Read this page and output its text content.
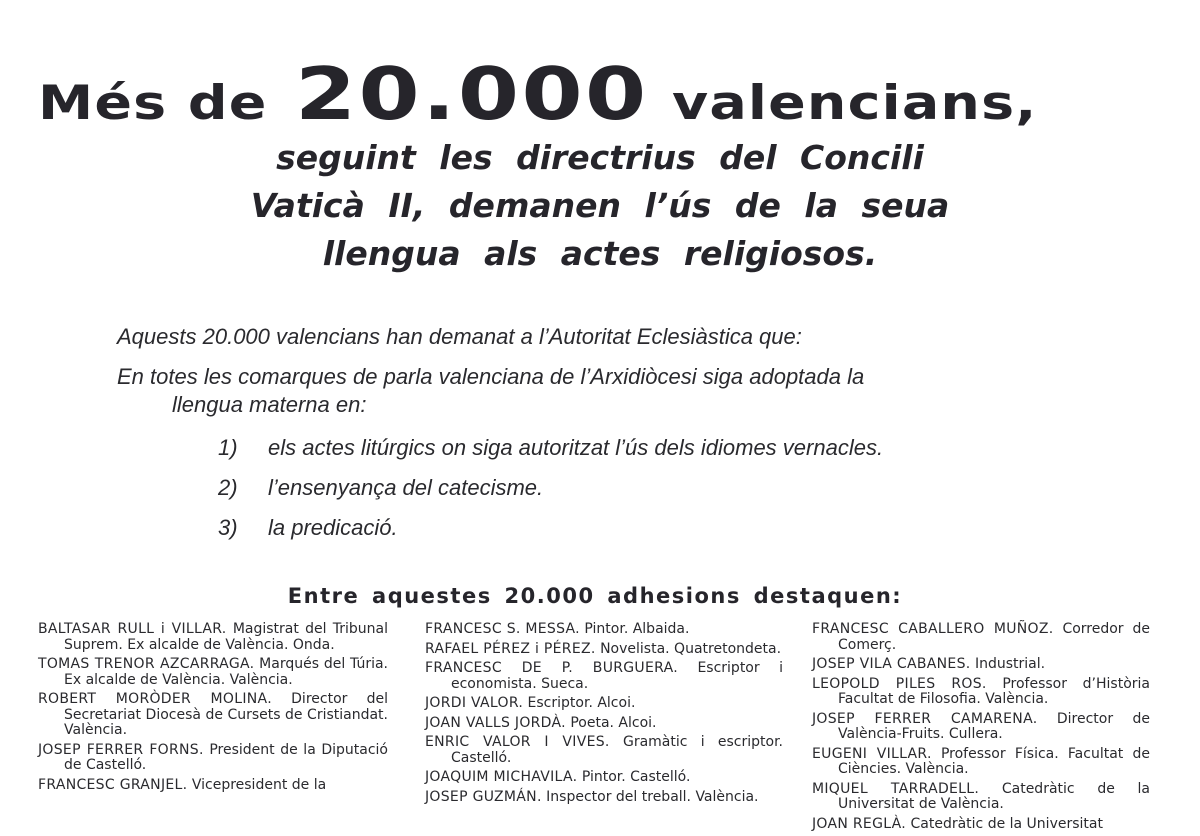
Més de 20.000 valencians,
seguint les directrius del Concili
Vaticà II, demanen l’ús de la seua
llengua als actes religiosos.

Aquests 20.000 valencians han demanat a l’Autoritat Eclesiàstica que:

En totes les comarques de parla valenciana de l’Arxidiòcesi siga adoptada la
llengua materna en:

1)	els actes litúrgics on siga autoritzat l’ús dels idiomes vernacles.
2)	l’ensenyança del catecisme.
3)	la predicació.
Entre aquestes 20.000 adhesions destaquen:
BALTASAR RULL i VILLAR. Magistrat del Tribunal Suprem. Ex alcalde de València. Onda.
TOMAS TRENOR AZCARRAGA. Marqués del Túria. Ex alcalde de València. València.
ROBERT MORÒDER MOLINA. Director del Secretariat Diocesà de Cursets de Cristiandat. València.
JOSEP FERRER FORNS. President de la Diputació de Castelló.
FRANCESC GRANJEL. Vicepresident de la
FRANCESC S. MESSA. Pintor. Albaida.
RAFAEL PÉREZ i PÉREZ. Novelista. Quatretondeta.
FRANCESC DE P. BURGUERA. Escriptor i economista. Sueca.
JORDI VALOR. Escriptor. Alcoi.
JOAN VALLS JORDÀ. Poeta. Alcoi.
ENRIC VALOR I VIVES. Gramàtic i escriptor. Castelló.
JOAQUIM MICHAVILA. Pintor. Castelló.
JOSEP GUZMÁN. Inspector del treball. València.
FRANCESC CABALLERO MUÑOZ. Corredor de Comerç.
JOSEP VILA CABANES. Industrial.
LEOPOLD PILES ROS. Professor d’Història Facultat de Filosofia. València.
JOSEP FERRER CAMARENA. Director de València-Fruits. Cullera.
EUGENI VILLAR. Professor Física. Facultat de Ciències. València.
MIQUEL TARRADELL. Catedràtic de la Universitat de València.
JOAN REGLÀ. Catedràtic de la Universitat
